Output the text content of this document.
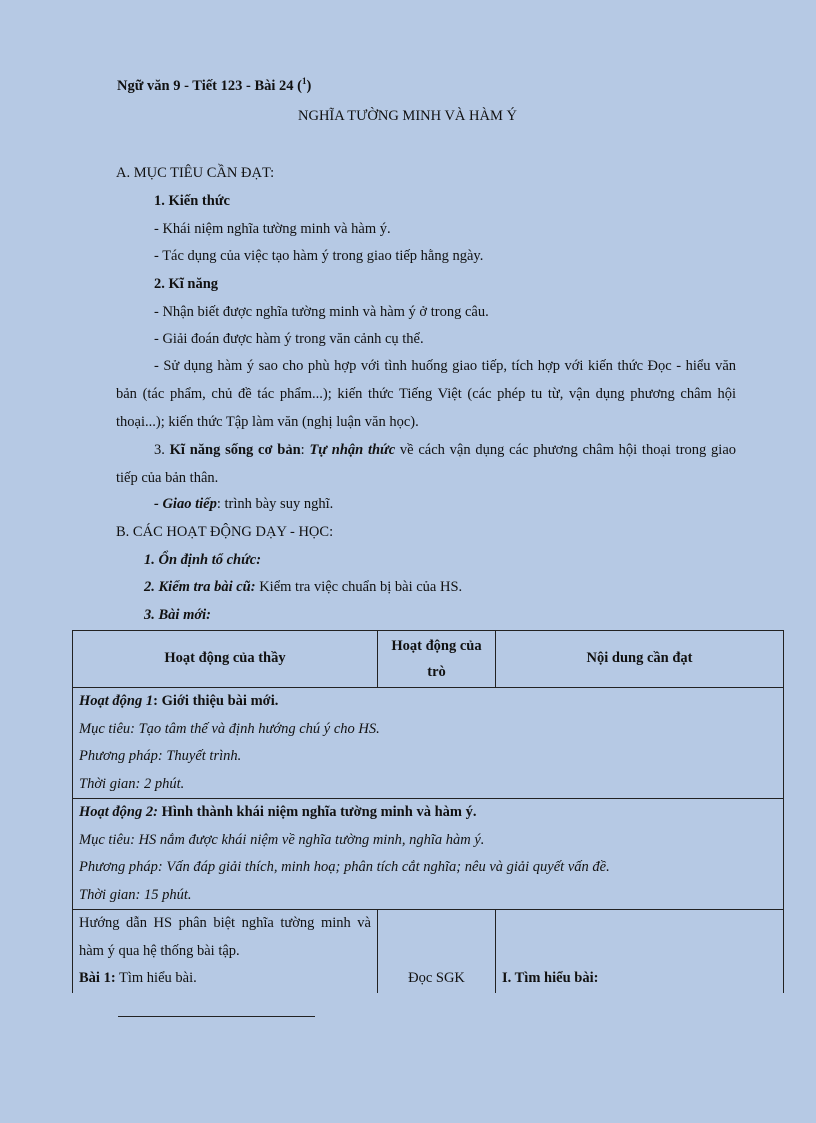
Ngữ văn 9 - Tiết 123 - Bài 24 ($^1$)
NGHĨA TƯỜNG MINH VÀ HÀM Ý
A. MỤC TIÊU CẦN ĐẠT:
1. Kiến thức
- Khái niệm nghĩa tường minh và hàm ý.
- Tác dụng của việc tạo hàm ý trong giao tiếp hằng ngày.
2. Kĩ năng
- Nhận biết được nghĩa tường minh và hàm ý ở trong câu.
- Giải đoán được hàm ý trong văn cảnh cụ thể.
- Sử dụng hàm ý sao cho phù hợp với tình huống giao tiếp, tích hợp với kiến thức Đọc - hiểu văn bản (tác phẩm, chủ đề tác phẩm...); kiến thức Tiếng Việt (các phép tu từ, vận dụng phương châm hội thoại...); kiến thức Tập làm văn (nghị luận văn học).
3. Kĩ năng sống cơ bản: Tự nhận thức về cách vận dụng các phương châm hội thoại trong giao tiếp của bản thân.
- Giao tiếp: trình bày suy nghĩ.
B. CÁC HOẠT ĐỘNG DẠY - HỌC:
1. Ổn định tổ chức:
2. Kiểm tra bài cũ: Kiểm tra việc chuẩn bị bài của HS.
3. Bài mới:
Hoạt động của thầy	Hoạt động của trò	Nội dung cần đạt

Hoạt động 1: Giới thiệu bài mới.
Mục tiêu: Tạo tâm thế và định hướng chú ý cho HS.
Phương pháp: Thuyết trình.
Thời gian: 2 phút.		

Hoạt động 2: Hình thành khái niệm nghĩa tường minh và hàm ý.
Mục tiêu: HS nắm được khái niệm về nghĩa tường minh, nghĩa hàm ý.
Phương pháp: Vấn đáp giải thích, minh hoạ; phân tích cắt nghĩa; nêu và giải quyết vấn đề.
Thời gian: 15 phút.		

Hướng dẫn HS phân biệt nghĩa tường minh và hàm ý qua hệ thống bài tập.
Bài 1: Tìm hiểu bài.	Đọc SGK	I. Tìm hiểu bài:
